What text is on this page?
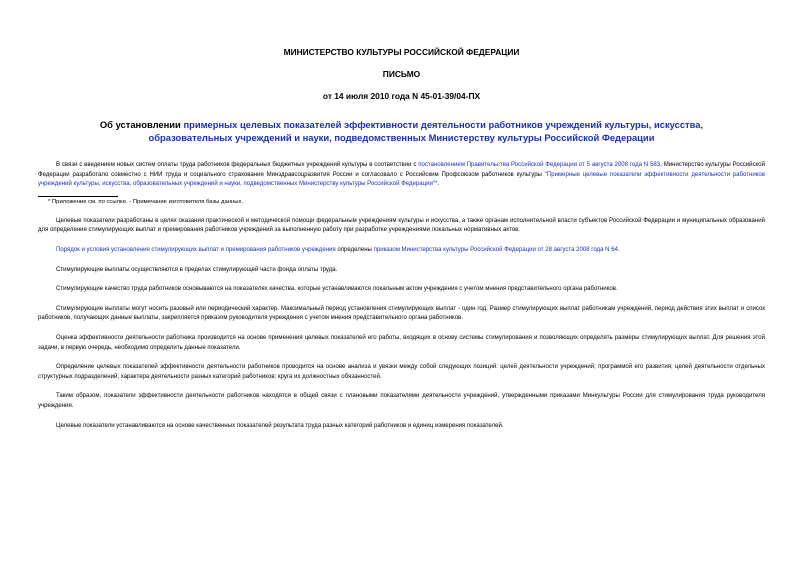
МИНИСТЕРСТВО КУЛЬТУРЫ РОССИЙСКОЙ ФЕДЕРАЦИИ
ПИСЬМО
от 14 июля 2010 года N 45-01-39/04-ПХ
Об установлении примерных целевых показателей эффективности деятельности работников учреждений культуры, искусства, образовательных учреждений и науки, подведомственных Министерству культуры Российской Федерации

В связи с введением новых систем оплаты труда работников федеральных бюджетных учреждений культуры в соответствии с постановлением Правительства Российской Федерации от 5 августа 2008 года N 583, Министерство культуры Российской Федерации разработало совместно с НИИ труда и социального страхования Минздравсоцразвития России и согласовало с Российским Профсоюзом работников культуры "Примерные целевые показатели эффективности деятельности работников учреждений культуры, искусства, образовательных учреждений и науки, подведомственных Министерству культуры Российской Федерации"*.

* Приложение см. по ссылке. - Примечание изготовителя базы данных.

Целевые показатели разработаны в целях оказания практической и методической помощи федеральным учреждениям культуры и искусства, а также органам исполнительной власти субъектов Российской Федерации и муниципальных образований для определения стимулирующих выплат и премирования работников учреждений за выполненную работу при разработке учреждениями локальных нормативных актов.

Порядок и условия установления стимулирующих выплат и премирования работников учреждения определены приказом Министерства культуры Российской Федерации от 28 августа 2008 года N 64.

Стимулирующие выплаты осуществляются в пределах стимулирующей части фонда оплаты труда.

Стимулирующие качество труда работников основываются на показателях качества, которые устанавливаются локальным актом учреждения с учетом мнения представительного органа работников.

Стимулирующие выплаты могут носить разовый или периодический характер. Максимальный период установления стимулирующих выплат - один год. Размер стимулирующих выплат работникам учреждений, период действия этих выплат и список работников, получающих данные выплаты, закрепляется приказом руководителя учреждения с учетом мнения представительного органа работников.

Оценка эффективности деятельности работника производится на основе применения целевых показателей его работы, входящих в основу системы стимулирования и позволяющих определять размеры стимулирующих выплат. Для решения этой задачи, в первую очередь, необходимо определить данные показатели.

Определение целевых показателей эффективности деятельности работников проводится на основе анализа и увязки между собой следующих позиций: целей деятельности учреждений; программой его развития; целей деятельности отдельных структурных подразделений; характера деятельности разных категорий работников; круга их должностных обязанностей.

Таким образом, показатели эффективности деятельности работников находятся в общей связи с плановыми показателями деятельности учреждений, утвержденными приказами Минкультуры России для стимулирования труда руководителя учреждения.

Целевые показатели устанавливаются на основе качественных показателей результата труда разных категорий работников и единиц измерения показателей.
